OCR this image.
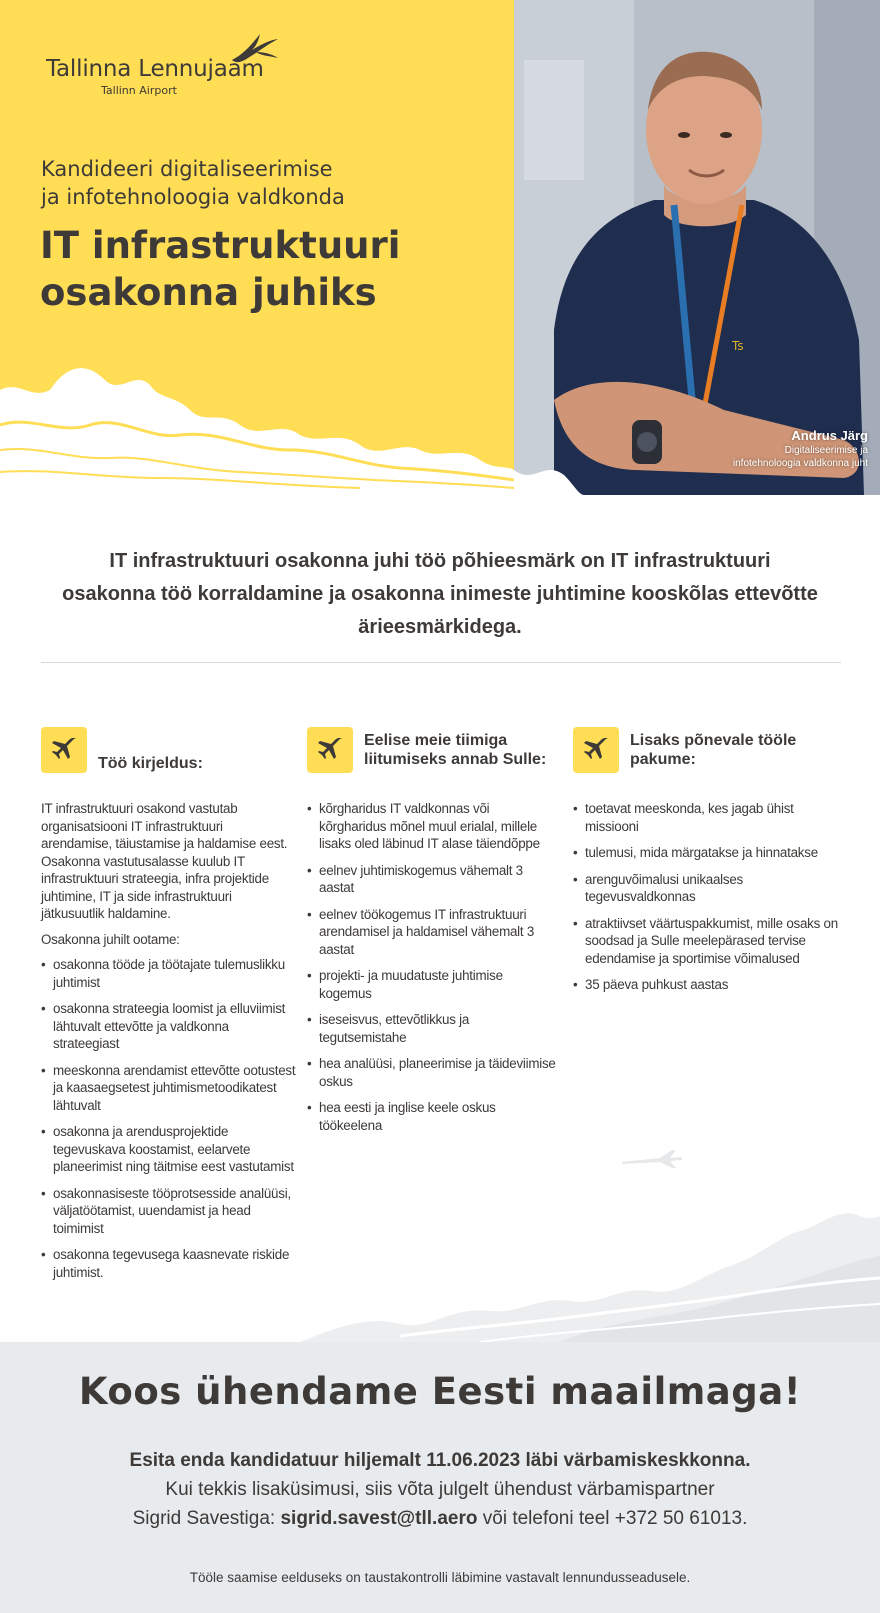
Tallinna Lennujaam
Tallinn Airport
Kandideeri digitaliseerimise
ja infotehnoloogia valdkonda
IT infrastruktuuri
osakonna juhiks
Ts
Andrus Järg
Digitaliseerimise ja
infotehnoloogia valdkonna juht
IT infrastruktuuri osakonna juhi töö põhieesmärk on IT infrastruktuuri osakonna töö korraldamine ja osakonna inimeste juhtimine kooskõlas ettevõtte ärieesmärkidega.
Töö kirjeldus:

IT infrastruktuuri osakond vastutab organisatsiooni IT infrastruktuuri arendamise, täiustamise ja haldamise eest. Osakonna vastutusalasse kuulub IT infrastruktuuri strateegia, infra projektide juhtimine, IT ja side infrastruktuuri jätkusuutlik haldamine.

Osakonna juhilt ootame:

• osakonna tööde ja töötajate tulemuslikku juhtimist
• osakonna strateegia loomist ja elluviimist lähtuvalt ettevõtte ja valdkonna strateegiast
• meeskonna arendamist ettevõtte ootustest ja kaasaegsetest juhtimismetoodikatest lähtuvalt
• osakonna ja arendusprojektide tegevuskava koostamist, eelarvete planeerimist ning täitmise eest vastutamist
• osakonnasiseste tööprotsesside analüüsi, väljatöötamist, uuendamist ja head toimimist
• osakonna tegevusega kaasnevate riskide juhtimist.
Eelise meie tiimiga
liitumiseks annab Sulle:
• kõrgharidus IT valdkonnas või kõrgharidus mõnel muul erialal, millele lisaks oled läbinud IT alase täiendõppe
• eelnev juhtimiskogemus vähemalt 3 aastat
• eelnev töökogemus IT infrastruktuuri arendamisel ja haldamisel vähemalt 3 aastat
• projekti- ja muudatuste juhtimise kogemus
• iseseisvus, ettevõtlikkus ja tegutsemistahe
• hea analüüsi, planeerimise ja täideviimise oskus
• hea eesti ja inglise keele oskus töökeelena
Lisaks põnevale tööle
pakume:
• toetavat meeskonda, kes jagab ühist missiooni
• tulemusi, mida märgatakse ja hinnatakse
• arenguvõimalusi unikaalses tegevusvaldkonnas
• atraktiivset väärtuspakkumist, mille osaks on soodsad ja Sulle meelepärased tervise edendamise ja sportimise võimalused
• 35 päeva puhkust aastas
Koos ühendame Eesti maailmaga!
Esita enda kandidatuur hiljemalt 11.06.2023 läbi värbamiskeskkonna.
Kui tekkis lisaküsimusi, siis võta julgelt ühendust värbamispartner
Sigrid Savestiga: sigrid.savest@tll.aero või telefoni teel +372 50 61013.
Tööle saamise eelduseks on taustakontrolli läbimine vastavalt lennundusseadusele.
